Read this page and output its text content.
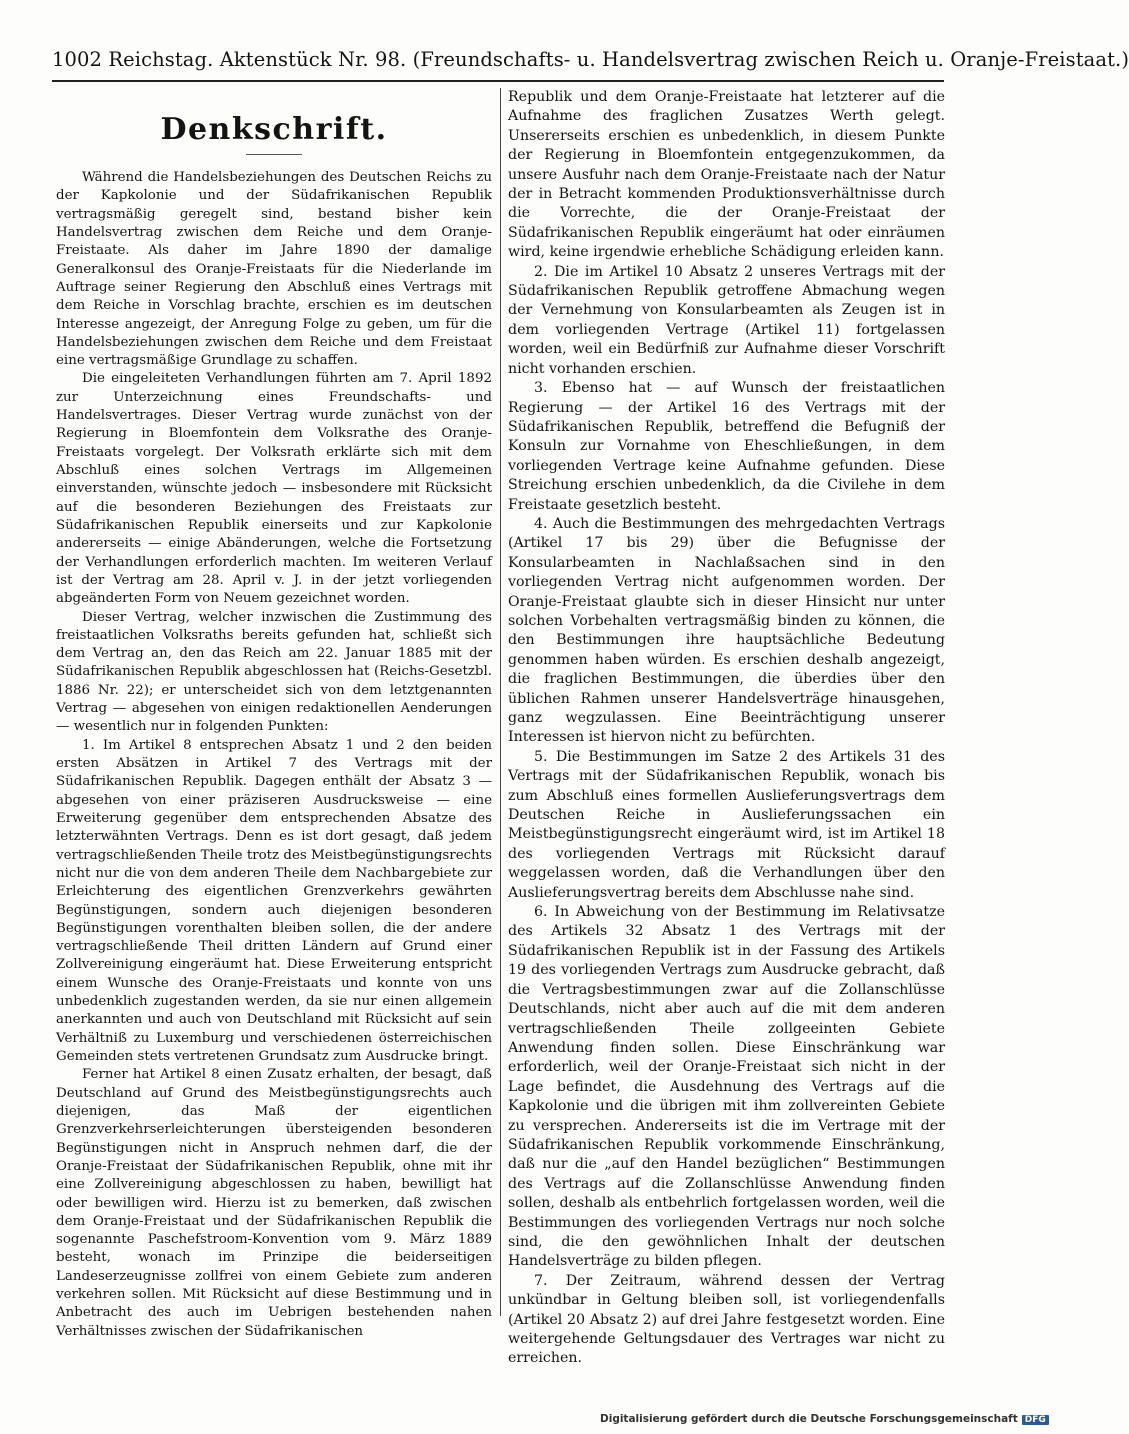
1002 Reichstag. Aktenstück Nr. 98. (Freundschafts- u. Handelsvertrag zwischen Reich u. Oranje-Freistaat.)
Denkschrift.

Während die Handelsbeziehungen des Deutschen Reichs zu der Kapkolonie und der Südafrikanischen Republik vertragsmäßig geregelt sind, bestand bisher kein Handelsvertrag zwischen dem Reiche und dem Oranje-Freistaate. Als daher im Jahre 1890 der damalige Generalkonsul des Oranje-Freistaats für die Niederlande im Auftrage seiner Regierung den Abschluß eines Vertrags mit dem Reiche in Vorschlag brachte, erschien es im deutschen Interesse angezeigt, der Anregung Folge zu geben, um für die Handelsbeziehungen zwischen dem Reiche und dem Freistaat eine vertragsmäßige Grundlage zu schaffen.

Die eingeleiteten Verhandlungen führten am 7. April 1892 zur Unterzeichnung eines Freundschafts- und Handelsvertrages. Dieser Vertrag wurde zunächst von der Regierung in Bloemfontein dem Volksrathe des Oranje-Freistaats vorgelegt. Der Volksrath erklärte sich mit dem Abschluß eines solchen Vertrags im Allgemeinen einverstanden, wünschte jedoch — insbesondere mit Rücksicht auf die besonderen Beziehungen des Freistaats zur Südafrikanischen Republik einerseits und zur Kapkolonie andererseits — einige Abänderungen, welche die Fortsetzung der Verhandlungen erforderlich machten. Im weiteren Verlauf ist der Vertrag am 28. April v. J. in der jetzt vorliegenden abgeänderten Form von Neuem gezeichnet worden.

Dieser Vertrag, welcher inzwischen die Zustimmung des freistaatlichen Volksraths bereits gefunden hat, schließt sich dem Vertrag an, den das Reich am 22. Januar 1885 mit der Südafrikanischen Republik abgeschlossen hat (Reichs-Gesetzbl. 1886 Nr. 22); er unterscheidet sich von dem letztgenannten Vertrag — abgesehen von einigen redaktionellen Aenderungen — wesentlich nur in folgenden Punkten:

1. Im Artikel 8 entsprechen Absatz 1 und 2 den beiden ersten Absätzen in Artikel 7 des Vertrags mit der Südafrikanischen Republik. Dagegen enthält der Absatz 3 — abgesehen von einer präziseren Ausdrucksweise — eine Erweiterung gegenüber dem entsprechenden Absatze des letzterwähnten Vertrags. Denn es ist dort gesagt, daß jedem vertragschließenden Theile trotz des Meistbegünstigungsrechts nicht nur die von dem anderen Theile dem Nachbargebiete zur Erleichterung des eigentlichen Grenzverkehrs gewährten Begünstigungen, sondern auch diejenigen besonderen Begünstigungen vorenthalten bleiben sollen, die der andere vertragschließende Theil dritten Ländern auf Grund einer Zollvereinigung eingeräumt hat. Diese Erweiterung entspricht einem Wunsche des Oranje-Freistaats und konnte von uns unbedenklich zugestanden werden, da sie nur einen allgemein anerkannten und auch von Deutschland mit Rücksicht auf sein Verhältniß zu Luxemburg und verschiedenen österreichischen Gemeinden stets vertretenen Grundsatz zum Ausdrucke bringt.

Ferner hat Artikel 8 einen Zusatz erhalten, der besagt, daß Deutschland auf Grund des Meistbegünstigungsrechts auch diejenigen, das Maß der eigentlichen Grenzverkehrserleichterungen übersteigenden besonderen Begünstigungen nicht in Anspruch nehmen darf, die der Oranje-Freistaat der Südafrikanischen Republik, ohne mit ihr eine Zollvereinigung abgeschlossen zu haben, bewilligt hat oder bewilligen wird. Hierzu ist zu bemerken, daß zwischen dem Oranje-Freistaat und der Südafrikanischen Republik die sogenannte Paschefstroom-Konvention vom 9. März 1889 besteht, wonach im Prinzipe die beiderseitigen Landeserzeugnisse zollfrei von einem Gebiete zum anderen verkehren sollen. Mit Rücksicht auf diese Bestimmung und in Anbetracht des auch im Uebrigen bestehenden nahen Verhältnisses zwischen der Südafrikanischen

Republik und dem Oranje-Freistaate hat letzterer auf die Aufnahme des fraglichen Zusatzes Werth gelegt. Unsererseits erschien es unbedenklich, in diesem Punkte der Regierung in Bloemfontein entgegenzukommen, da unsere Ausfuhr nach dem Oranje-Freistaate nach der Natur der in Betracht kommenden Produktionsverhältnisse durch die Vorrechte, die der Oranje-Freistaat der Südafrikanischen Republik eingeräumt hat oder einräumen wird, keine irgendwie erhebliche Schädigung erleiden kann.

2. Die im Artikel 10 Absatz 2 unseres Vertrags mit der Südafrikanischen Republik getroffene Abmachung wegen der Vernehmung von Konsularbeamten als Zeugen ist in dem vorliegenden Vertrage (Artikel 11) fortgelassen worden, weil ein Bedürfniß zur Aufnahme dieser Vorschrift nicht vorhanden erschien.

3. Ebenso hat — auf Wunsch der freistaatlichen Regierung — der Artikel 16 des Vertrags mit der Südafrikanischen Republik, betreffend die Befugniß der Konsuln zur Vornahme von Eheschließungen, in dem vorliegenden Vertrage keine Aufnahme gefunden. Diese Streichung erschien unbedenklich, da die Civilehe in dem Freistaate gesetzlich besteht.

4. Auch die Bestimmungen des mehrgedachten Vertrags (Artikel 17 bis 29) über die Befugnisse der Konsularbeamten in Nachlaßsachen sind in den vorliegenden Vertrag nicht aufgenommen worden. Der Oranje-Freistaat glaubte sich in dieser Hinsicht nur unter solchen Vorbehalten vertragsmäßig binden zu können, die den Bestimmungen ihre hauptsächliche Bedeutung genommen haben würden. Es erschien deshalb angezeigt, die fraglichen Bestimmungen, die überdies über den üblichen Rahmen unserer Handelsverträge hinausgehen, ganz wegzulassen. Eine Beeinträchtigung unserer Interessen ist hiervon nicht zu befürchten.

5. Die Bestimmungen im Satze 2 des Artikels 31 des Vertrags mit der Südafrikanischen Republik, wonach bis zum Abschluß eines formellen Auslieferungsvertrags dem Deutschen Reiche in Auslieferungssachen ein Meistbegünstigungsrecht eingeräumt wird, ist im Artikel 18 des vorliegenden Vertrags mit Rücksicht darauf weggelassen worden, daß die Verhandlungen über den Auslieferungsvertrag bereits dem Abschlusse nahe sind.

6. In Abweichung von der Bestimmung im Relativsatze des Artikels 32 Absatz 1 des Vertrags mit der Südafrikanischen Republik ist in der Fassung des Artikels 19 des vorliegenden Vertrags zum Ausdrucke gebracht, daß die Vertragsbestimmungen zwar auf die Zollanschlüsse Deutschlands, nicht aber auch auf die mit dem anderen vertragschließenden Theile zollgeeinten Gebiete Anwendung finden sollen. Diese Einschränkung war erforderlich, weil der Oranje-Freistaat sich nicht in der Lage befindet, die Ausdehnung des Vertrags auf die Kapkolonie und die übrigen mit ihm zollvereinten Gebiete zu versprechen. Andererseits ist die im Vertrage mit der Südafrikanischen Republik vorkommende Einschränkung, daß nur die „auf den Handel bezüglichen“ Bestimmungen des Vertrags auf die Zollanschlüsse Anwendung finden sollen, deshalb als entbehrlich fortgelassen worden, weil die Bestimmungen des vorliegenden Vertrags nur noch solche sind, die den gewöhnlichen Inhalt der deutschen Handelsverträge zu bilden pflegen.

7. Der Zeitraum, während dessen der Vertrag unkündbar in Geltung bleiben soll, ist vorliegendenfalls (Artikel 20 Absatz 2) auf drei Jahre festgesetzt worden. Eine weitergehende Geltungsdauer des Vertrages war nicht zu erreichen.

Digitalisierung gefördert durch die Deutsche Forschungsgemeinschaft DFG
